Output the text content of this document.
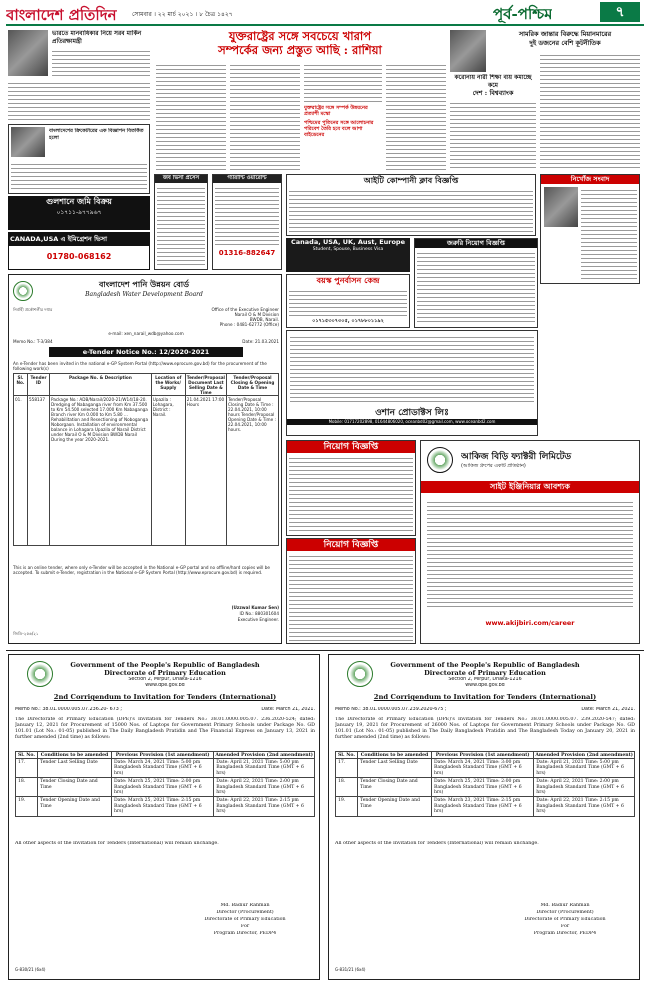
বাংলাদেশ প্রতিদিন	সোমবার । ২২ মার্চ ২০২১ । ৮ চৈত্র ১৪২৭	পূর্ব-পশ্চিম	৭
ভারতে মানবাধিকার নিয়ে সরব মার্কিন প্রতিরক্ষামন্ত্রী
বাংলাদেশের ক্রিকেটারের এক বিজ্ঞাপন বিতর্কিত হলো
যুক্তরাষ্ট্রের সঙ্গে সবচেয়ে খারাপ
সম্পর্কের জন্য প্রস্তুত আছি : রাশিয়া
যুক্তরাষ্ট্রের সঙ্গে সম্পর্ক উন্নয়নের প্রত্যাশী মস্কো
পশ্চিমের পুতিনের সঙ্গে আলোচনার পরিবেশ তৈরি হবে বলে আশা বাইডেনের
করোনায় নারী শিক্ষা ব্যয় কমাচ্ছে কমে
দেশ : বিশ্বব্যাংক
সামরিক জান্তার বিরুদ্ধে মিয়ানমারের
দুই ডজনের বেশি কূটনীতিক
নিখোঁজ সংবাদ
গুলশানে জমি বিক্রয়
০১৭১১-৯৭৭৯৬৭
CANADA,USA এ ইমিগ্রেশন ভিসা
01780-068162
জব ভিসা প্রসেস	গ্যারান্টি ওয়ারেন্টি
01316-882647
আইটি কোম্পানী ক্লাব বিজ্ঞপ্তি
Canada, USA, UK, Aust, Europe
Student, Spouse, Business Visa
বয়স্ক পুনর্বাসন কেন্দ্র
০১৭১৫৩০৭৩০৫, ০১৭৮৮০১১৯২
জরুরি নিয়োগ বিজ্ঞপ্তি
বাংলাদেশ পানি উন্নয়ন বোর্ড
Bangladesh Water Development Board
নির্বাহী প্রকৌশলীর দপ্তর	Office of the Executive Engineer
Narail O & M Division
BWDB, Narail.
Phone : 0481-62772 (Office)
e-mail: xen_narail_wdb@yahoo.com
Memo No.: T-3/384	Date: 21.03.2021
e-Tender Notice No.: 12/2020-2021
An e-Tender has been invited in the national e-GP System Portal (http://www.eprocure.gov.bd) for the procurement of the following work(s)
Sl. No.	Tender ID	Package No. & Description	Location of the Works/ Supply	Tender/Proposal Document Last Selling Date & Time	Tender/Proposal Closing & Opening Date & Time
01.	558137	Package No.: ADB/Narail/2020-21/W14/18-20. Dredging of Nabaganga river from Km 37.500 to Km 54.500 selected 17.000 Km Nabaganga Branch river Km 0.000 to Km 5.80 ... Rehabilitation and Resectioning of Noboganga Noborgaon. Installation of environmental balance in Lohagara Upazila of Narail District under Narail O & M Division BWDB Narail During the year 2020-2021.	Upazila : Lohagara, District : Narail.	21.04.2021 17:00 Hours	Tender/Proposal Closing Date & Time : 22.04.2021, 10:00 hours Tender/Proposal Opening Date & Time : 22.04.2021, 10:00 hours.
This is an online tender, where only e-Tender will be accepted in the National e-GP portal and no offline/hard copies will be accepted. To submit e-Tender, registration in the National e-GP System Portal (http://www.eprocure.gov.bd) is required.
(Uzzwal Kumar Sen)
ID No.: 880301604
Executive Engineer.
জিডি-২৫৬/২১
ওশান প্রোডাক্টস লিঃ
Mobile: 01717202898, 01644806020, oceanbd02@gmail.com, www.oceanbd2.com
নিয়োগ বিজ্ঞপ্তি
নিয়োগ বিজ্ঞপ্তি
আকিজ বিড়ি ফ্যাক্টরী লিমিটেড
(আকিজ গ্রুপের একটি প্রতিষ্ঠান)
সাইট ইঞ্জিনিয়ার আবশ্যক
www.akijbiri.com/career
Government of the People's Republic of Bangladesh
Directorate of Primary Education
Section 2, Mirpur, Dhaka-1216
www.dpe.gov.bd
2nd Corrigendum to Invitation for Tenders (International)
Memo No.: 38.01.0000.005.07.236.20- 673 ;	Date: March 21, 2021.
The Directorate of Primary Education (DPE)'s Invitation for Tenders No.: 38.01.0000.005.07. 236.2020-524; dated: January 12, 2021 for Procurement of 15000 Nos. of Laptops for Government Primary Schools under Package No. GD 101.01 (Lot No.: 01-05) published in The Daily Bangladesh Pratidin and The Financial Express on January 13, 2021 in further amended (2nd time) as follows:
Sl. No.	Conditions to be amended	Previous Provision (1st amendment)	Amended Provision (2nd amendment)
17.	Tender Last Selling Date	Date: March 24, 2021 Time: 5:00 pm Bangladesh Standard Time (GMT + 6 hrs)	Date: April 21, 2021 Time: 5:00 pm Bangladesh Standard Time (GMT + 6 hrs)
18.	Tender Closing Date and Time	Date: March 25, 2021 Time: 2:00 pm Bangladesh Standard Time (GMT + 6 hrs)	Date: April 22, 2021 Time: 2:00 pm Bangladesh Standard Time (GMT + 6 hrs)
19.	Tender Opening Date and Time	Date: March 25, 2021 Time: 2:15 pm Bangladesh Standard Time (GMT + 6 hrs)	Date: April 22, 2021 Time: 2:15 pm Bangladesh Standard Time (GMT + 6 hrs)
All other aspects of the Invitation for Tenders (International) will remain unchange.
Md. Badiur Rahman
Director (Procurement)
Directorate of Primary Education
For
Program Director, PEDP4
G-830/21 (6x4)
Government of the People's Republic of Bangladesh
Directorate of Primary Education
Section 2, Mirpur, Dhaka-1216
www.dpe.gov.bd
2nd Corrigendum to Invitation for Tenders (International)
Memo No.: 38.01.0000.005.07.239.2020-675 ;	Date: March 21, 2021.
The Directorate of Primary Education (DPE)'s Invitation for Tenders No.: 38.01.0000.005.07. 239.2020-547; dated: January 19, 2021 for Procurement of 26000 Nos. of Laptops for Government Primary Schools under Package No. GD 101.01 (Lot No.: 01-05) published in The Daily Bangladesh Pratidin and The Bangladesh Today on January 20, 2021 in further amended (2nd time) as follows:
Sl. No.	Conditions to be amended	Previous Provision (1st amendment)	Amended Provision (2nd amendment)
17.	Tender Last Selling Date	Date: March 24, 2021 Time: 3:00 pm Bangladesh Standard Time (GMT + 6 hrs)	Date: April 21, 2021 Time: 5:00 pm Bangladesh Standard Time (GMT + 6 hrs)
18.	Tender Closing Date and Time	Date: March 25, 2021 Time: 2:00 pm Bangladesh Standard Time (GMT + 6 hrs)	Date: April 22, 2021 Time: 2:00 pm Bangladesh Standard Time (GMT + 6 hrs)
19.	Tender Opening Date and Time	Date: March 23, 2021 Time: 2:15 pm Bangladesh Standard Time (GMT + 6 hrs)	Date: April 22, 2021 Time: 2:15 pm Bangladesh Standard Time (GMT + 6 hrs)
All other aspects of the Invitation for Tenders (International) will remain unchange.
Md. Badiur Rahman
Director (Procurement)
Directorate of Primary Education
For
Program Director, PEDP4
G-831/21 (6x4)
